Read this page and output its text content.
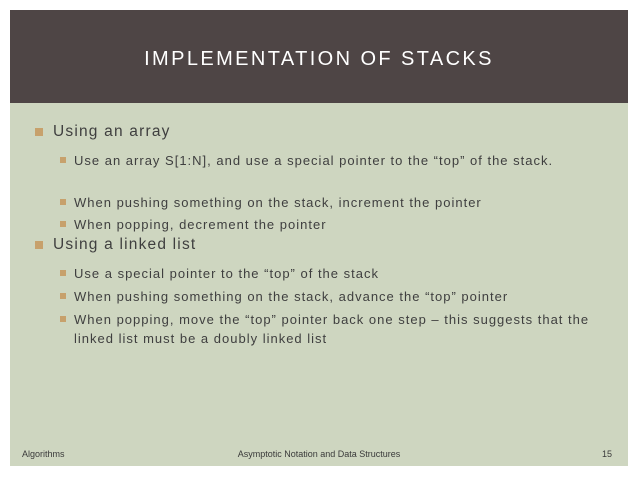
IMPLEMENTATION OF STACKS
Using an array
Use an array S[1:N], and use a special pointer to the “top” of the stack.
When pushing something on the stack, increment the pointer
When popping, decrement the pointer
Using a linked list
Use a special pointer to the “top” of the stack
When pushing something on the stack, advance the “top” pointer
When popping, move the “top” pointer back one step – this suggests that the linked list must be a doubly linked list
Algorithms	Asymptotic Notation and Data Structures	15
